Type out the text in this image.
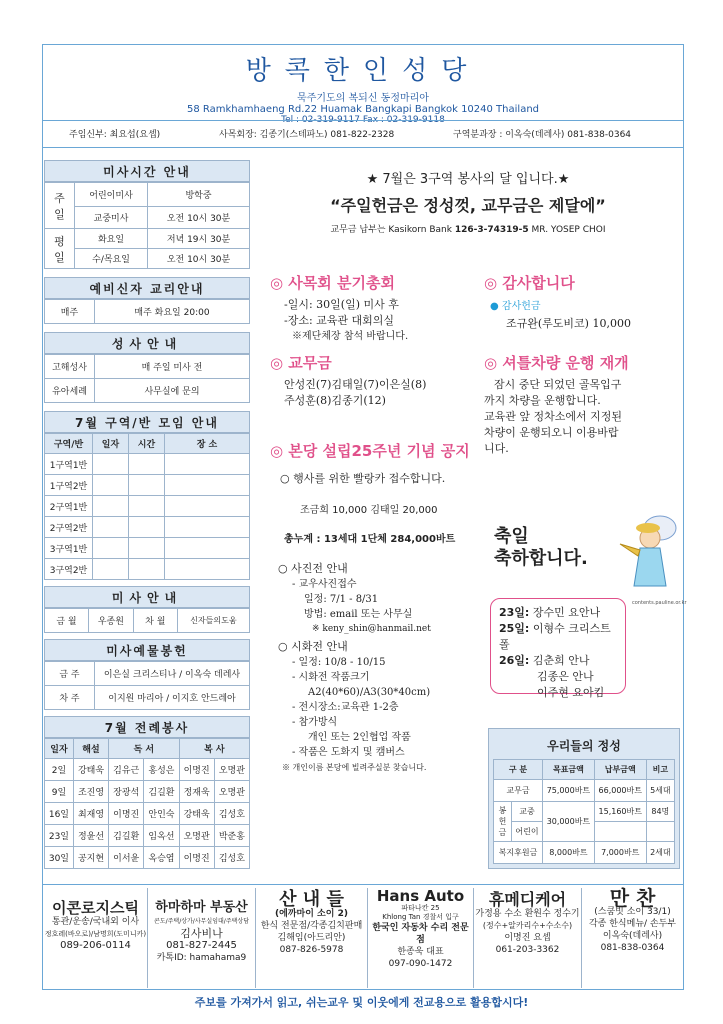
방콕한인성당
묵주기도의 복되신 동정마리아
58 Ramkhamhaeng Rd.22 Huamak Bangkapi Bangkok 10240 Thailand
Tel : 02-319-9117 Fax : 02-319-9118
주임신부: 최요섭(요셉)	사목회장: 김종기(스테파노) 081-822-2328	구역분과장 : 이옥숙(데레사) 081-838-0364
미사시간 안내
주 일	어린이미사	방학중
	교중미사	오전 10시 30분
평 일	화요일	저녁 19시 30분
	수/목요일	오전 10시 30분
예비신자 교리안내
매주	매주 화요일 20:00
성사안내
고해성사	매 주일 미사 전
유아세례	사무실에 문의
7월 구역/반 모임 안내
구역/반	일자	시간	장 소
1구역1반			
1구역2반			
2구역1반			
2구역2반			
3구역1반			
3구역2반			
미사안내
금 월	우종원	차 월	신자들의도움
미사예물봉헌
금 주	이은실 크리스티나 / 이옥숙 데레사
차 주	이지원 마리아 / 이지호 안드레아
7월 전례봉사
일자	해설	독 서		복 사	
2일	강태욱	김유근	홍성은	이명진	오명관
9일	조진영	장광석	김길환	정재욱	오명관
16일	최재영	이명진	안인숙	강태욱	김성호
23일	정윤선	김길환	임옥선	오명관	박준홍
30일	공지현	이서윤	옥승엽	이명진	김성호
★ 7월은 3구역 봉사의 달 입니다.★
“주일헌금은 정성껏, 교무금은 제달에”
교무금 납부는 Kasikorn Bank 126-3-74319-5 MR. YOSEP CHOI
◎ 사목회 분기총회
-일시: 30일(일) 미사 후
-장소: 교육관 대회의실
※제단체장 참석 바랍니다.
◎ 감사합니다
● 감사헌금
조규완(루도비코) 10,000
◎ 교무금
안성진(7)김태일(7)이은실(8)
주성훈(8)김종기(12)
◎ 셔틀차량 운행 재개
잠시 중단 되었던 골목입구
까지 차량을 운행합니다.
교육관 앞 정차소에서 지정된
차량이 운행되오니 이용바랍
니다.
◎ 본당 설립25주년 기념 공지
○ 행사를 위한 빨랑카 접수합니다.
조금희 10,000 김태일 20,000
총누계 : 13세대 1단체 284,000바트
○ 사진전 안내
- 교우사진접수
일정: 7/1 - 8/31
방법: email 또는 사무실
※ keny_shin@hanmail.net
○ 시화전 안내
- 일정: 10/8 - 10/15
- 시화전 작품크기
A2(40*60)/A3(30*40cm)
- 전시장소:교육관 1-2층
- 참가방식
개인 또는 2인협업 작품
- 작품은 도화지 및 캠버스
※ 개인이름 본당에 빌려주실분 찾습니다.
축일
축하합니다.
contents.pauline.or.kr
23일: 장수민 요안나
25일: 이형수 크리스트폴
26일: 김춘희 안나
김종은 안나
이주현 요아킴
우리들의 정성
구 분		목표금액	납부금액	비고
교무금		75,000바트	66,000바트	5세대
봉헌금	교중	30,000바트	15,160바트	84명
	어린이			
복지후원금		8,000바트	7,000바트	2세대
이콘로지스틱
통관/운송/국내외 이사
정호레(바오로)/남명희(도미니카)
089-206-0114
하마하마 부동산
콘도/주택/상가/사무실임대/주택상담
김사비나
081-827-2445
카톡ID: hamahama9
산 내 들
(에까마이 소이 2)
한식 전문점/각종김치판매
김해임(아드리안)
087-826-5978
Hans Auto
파타나칸 25
Khlong Tan 경찰서 입구
한국인 자동차 수리 전문점
한종욱 대표
097-090-1472
휴메디케어
가정용 수소 환원수 정수기
(정수+알카리수+수소수)
이명진 요셉
061-203-3362
만 찬
(스쿰빗 소이 33/1)
각종 한식메뉴/ 손두부
이옥숙(데레사)
081-838-0364
주보를 가져가서 읽고, 쉬는교우 및 이웃에게 전교용으로 활용합시다!
